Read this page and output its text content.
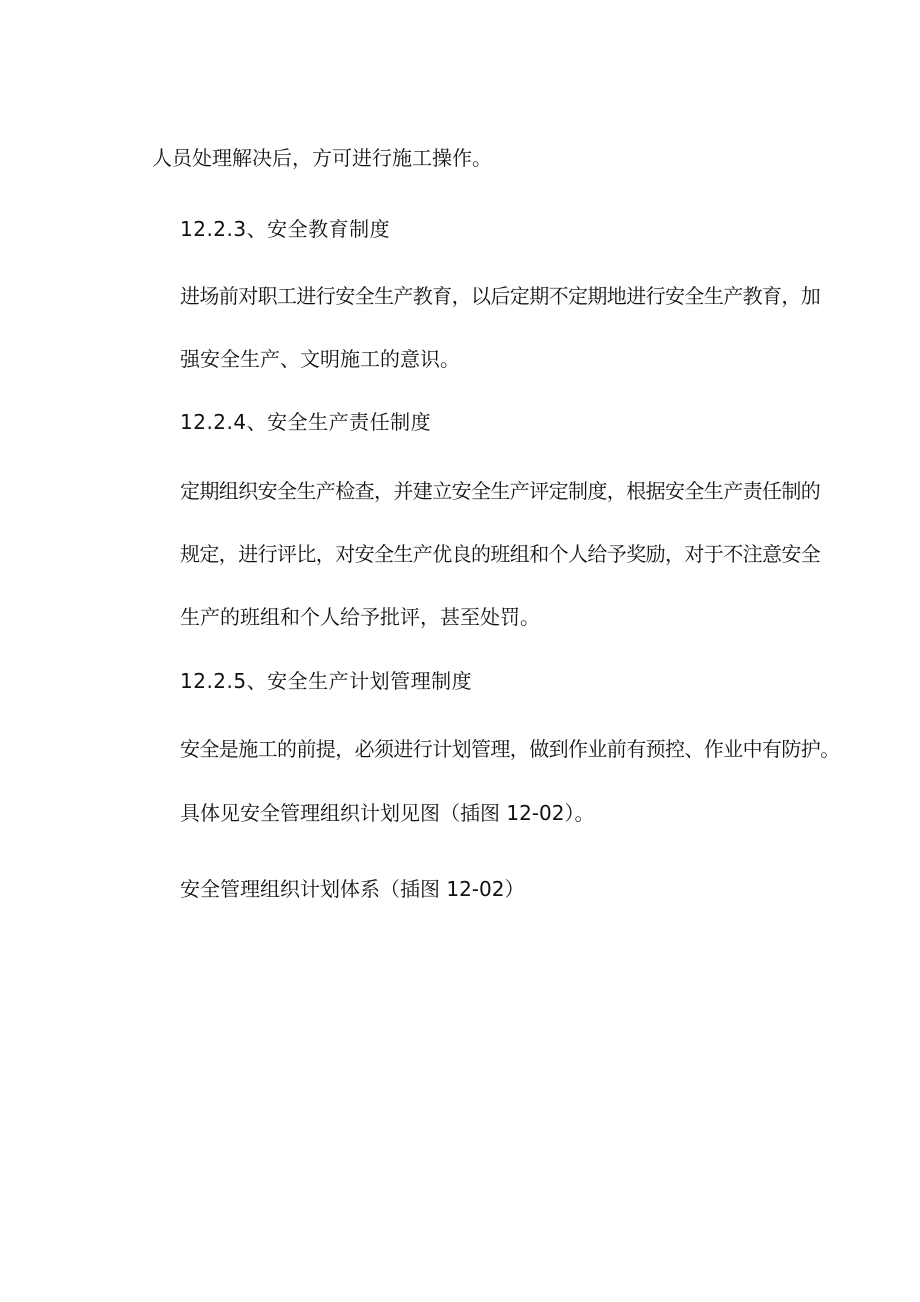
人员处理解决后，方可进行施工操作。
12.2.3、安全教育制度
进场前对职工进行安全生产教育，以后定期不定期地进行安全生产教育，加
强安全生产、文明施工的意识。
12.2.4、安全生产责任制度
定期组织安全生产检查，并建立安全生产评定制度，根据安全生产责任制的
规定，进行评比，对安全生产优良的班组和个人给予奖励，对于不注意安全
生产的班组和个人给予批评，甚至处罚。
12.2.5、安全生产计划管理制度
安全是施工的前提，必须进行计划管理，做到作业前有预控、作业中有防护。
具体见安全管理组织计划见图（插图 12-02）。
安全管理组织计划体系（插图 12-02）
